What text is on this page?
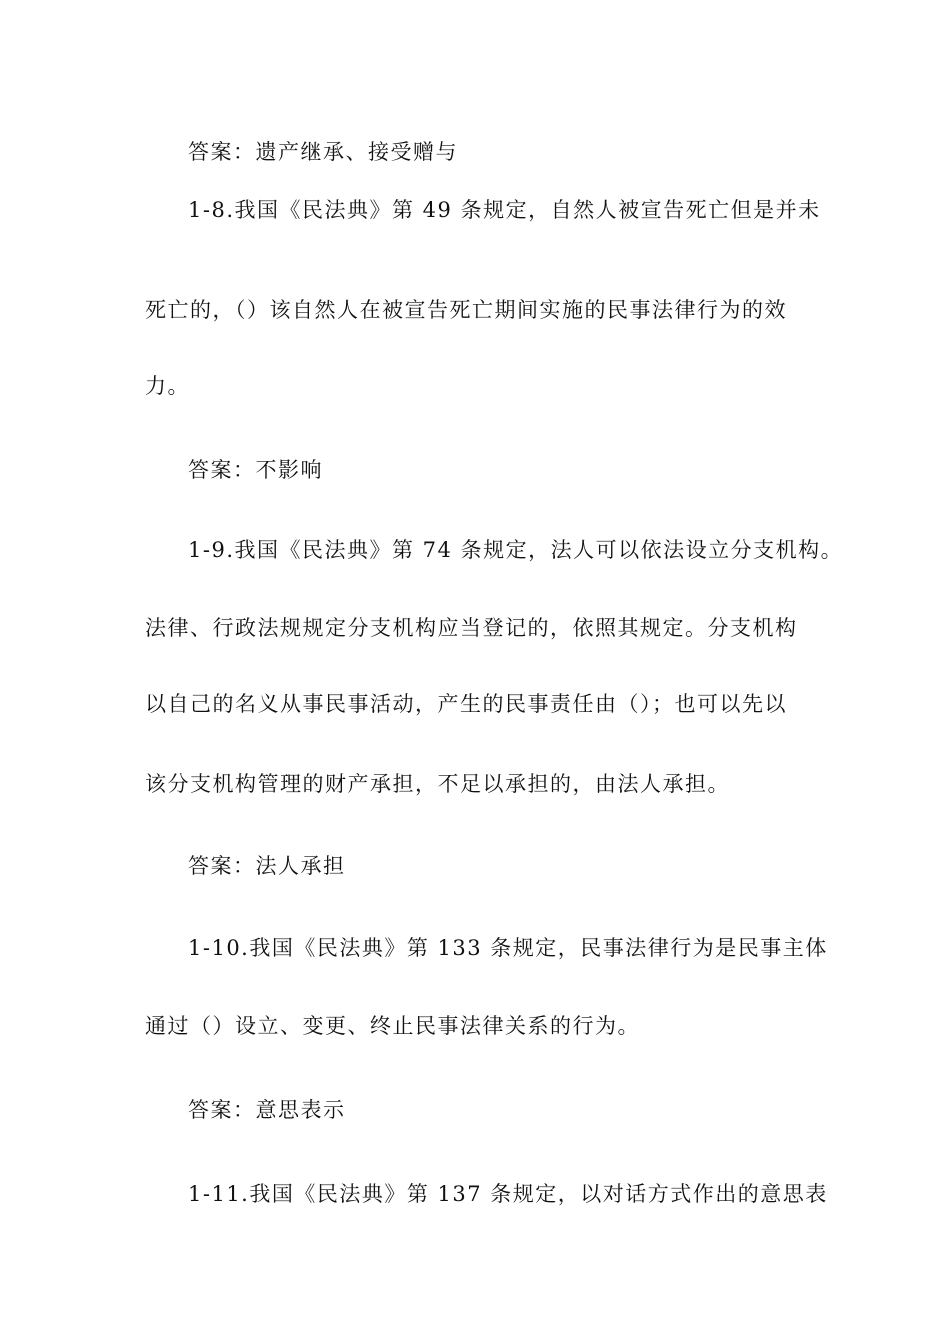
答案：遗产继承、接受赠与
1-8.我国《民法典》第 49 条规定，自然人被宣告死亡但是并未
死亡的，（）该自然人在被宣告死亡期间实施的民事法律行为的效
力。
答案：不影响
1-9.我国《民法典》第 74 条规定，法人可以依法设立分支机构。
法律、行政法规规定分支机构应当登记的，依照其规定。分支机构
以自己的名义从事民事活动，产生的民事责任由（）；也可以先以
该分支机构管理的财产承担，不足以承担的，由法人承担。
答案：法人承担
1-10.我国《民法典》第 133 条规定，民事法律行为是民事主体
通过（）设立、变更、终止民事法律关系的行为。
答案：意思表示
1-11.我国《民法典》第 137 条规定，以对话方式作出的意思表
